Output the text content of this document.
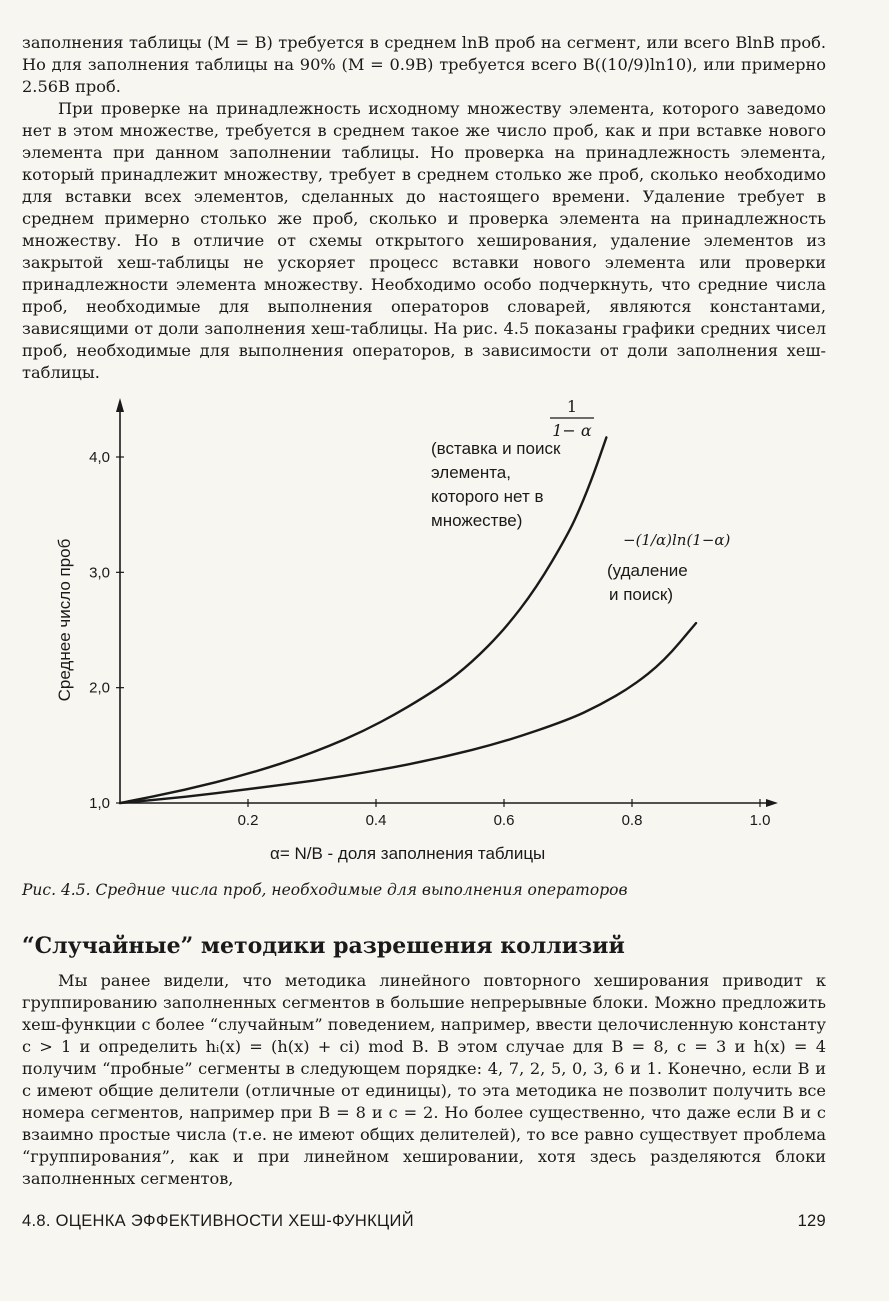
заполнения таблицы (M = B) требуется в среднем lnB проб на сегмент, или всего BlnB проб. Но для заполнения таблицы на 90% (M = 0.9B) требуется всего B((10/9)ln10), или примерно 2.56B проб.

При проверке на принадлежность исходному множеству элемента, которого заведомо нет в этом множестве, требуется в среднем такое же число проб, как и при вставке нового элемента при данном заполнении таблицы. Но проверка на принадлежность элемента, который принадлежит множеству, требует в среднем столько же проб, сколько необходимо для вставки всех элементов, сделанных до настоящего времени. Удаление требует в среднем примерно столько же проб, сколько и проверка элемента на принадлежность множеству. Но в отличие от схемы открытого хеширования, удаление элементов из закрытой хеш-таблицы не ускоряет процесс вставки нового элемента или проверки принадлежности элемента множеству. Необходимо особо подчеркнуть, что средние числа проб, необходимые для выполнения операторов словарей, являются константами, зависящими от доли заполнения хеш-таблицы. На рис. 4.5 показаны графики средних чисел проб, необходимые для выполнения операторов, в зависимости от доли заполнения хеш-таблицы.

0.2	0.4	0.6	0.8	1.0
1,0
2,0
3,0
4,0
α= N/B - доля заполнения таблицы
Среднее число проб
1
1− α
(вставка и поиск
элемента,
которого нет в
множестве)
−(1/α)ln(1−α)
(удаление
и поиск)
Рис. 4.5. Средние числа проб, необходимые для выполнения операторов
“Случайные” методики разрешения коллизий

Мы ранее видели, что методика линейного повторного хеширования приводит к группированию заполненных сегментов в большие непрерывные блоки. Можно предложить хеш-функции с более “случайным” поведением, например, ввести целочисленную константу c > 1 и определить hᵢ(x) = (h(x) + ci) mod B. В этом случае для B = 8, c = 3 и h(x) = 4 получим “пробные” сегменты в следующем порядке: 4, 7, 2, 5, 0, 3, 6 и 1. Конечно, если B и c имеют общие делители (отличные от единицы), то эта методика не позволит получить все номера сегментов, например при B = 8 и c = 2. Но более существенно, что даже если B и c взаимно простые числа (т.е. не имеют общих делителей), то все равно существует проблема “группирования”, как и при линейном хешировании, хотя здесь разделяются блоки заполненных сегментов,

4.8. ОЦЕНКА ЭФФЕКТИВНОСТИ ХЕШ-ФУНКЦИЙ	129
